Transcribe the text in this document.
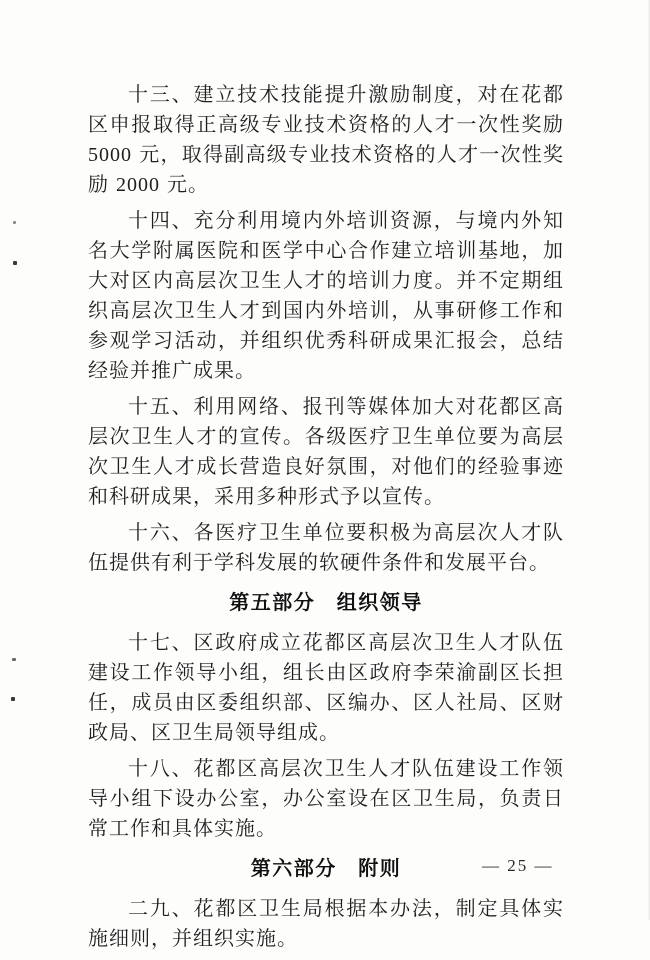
十三、建立技术技能提升激励制度，对在花都区申报取得正高级专业技术资格的人才一次性奖励 5000 元，取得副高级专业技术资格的人才一次性奖励 2000 元。

十四、充分利用境内外培训资源，与境内外知名大学附属医院和医学中心合作建立培训基地，加大对区内高层次卫生人才的培训力度。并不定期组织高层次卫生人才到国内外培训，从事研修工作和参观学习活动，并组织优秀科研成果汇报会，总结经验并推广成果。

十五、利用网络、报刊等媒体加大对花都区高层次卫生人才的宣传。各级医疗卫生单位要为高层次卫生人才成长营造良好氛围，对他们的经验事迹和科研成果，采用多种形式予以宣传。

十六、各医疗卫生单位要积极为高层次人才队伍提供有利于学科发展的软硬件条件和发展平台。

第五部分　组织领导

十七、区政府成立花都区高层次卫生人才队伍建设工作领导小组，组长由区政府李荣渝副区长担任，成员由区委组织部、区编办、区人社局、区财政局、区卫生局领导组成。

十八、花都区高层次卫生人才队伍建设工作领导小组下设办公室，办公室设在区卫生局，负责日常工作和具体实施。

第六部分　附则

二九、花都区卫生局根据本办法，制定具体实施细则，并组织实施。

— 25 —
